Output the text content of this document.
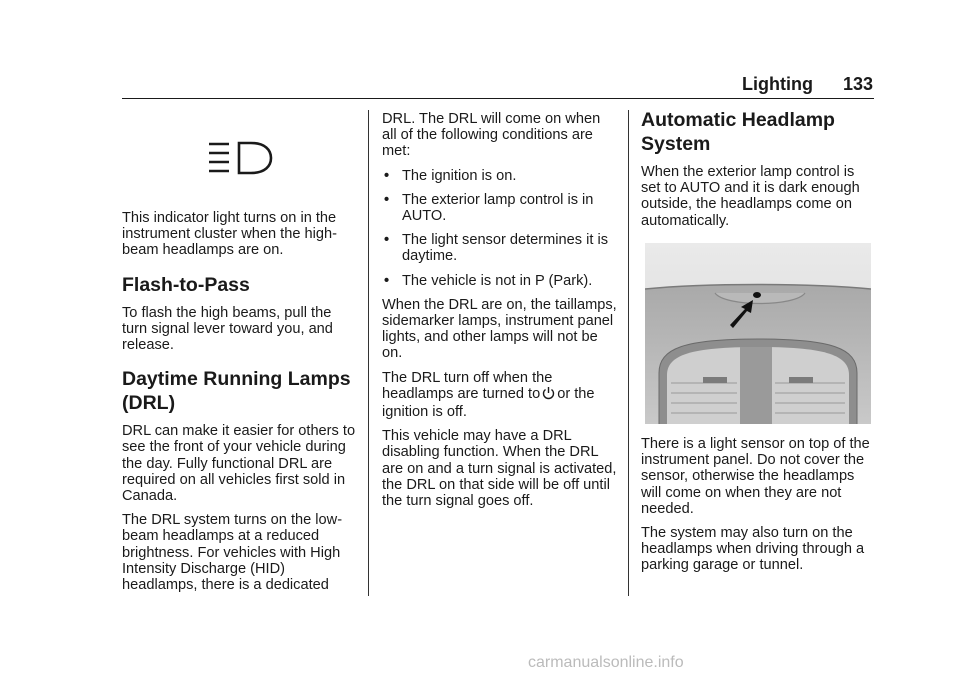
Lighting 133

This indicator light turns on in the instrument cluster when the high-beam headlamps are on.

Flash-to-Pass

To flash the high beams, pull the turn signal lever toward you, and release.

Daytime Running Lamps (DRL)

DRL can make it easier for others to see the front of your vehicle during the day. Fully functional DRL are required on all vehicles first sold in Canada.

The DRL system turns on the low-beam headlamps at a reduced brightness. For vehicles with High Intensity Discharge (HID) headlamps, there is a dedicated

DRL. The DRL will come on when all of the following conditions are met:

• The ignition is on.
• The exterior lamp control is in AUTO.
• The light sensor determines it is daytime.
• The vehicle is not in P (Park).

When the DRL are on, the taillamps, sidemarker lamps, instrument panel lights, and other lamps will not be on.

The DRL turn off when the headlamps are turned to or the ignition is off.

This vehicle may have a DRL disabling function. When the DRL are on and a turn signal is activated, the DRL on that side will be off until the turn signal goes off.

Automatic Headlamp System

When the exterior lamp control is set to AUTO and it is dark enough outside, the headlamps come on automatically.

There is a light sensor on top of the instrument panel. Do not cover the sensor, otherwise the headlamps will come on when they are not needed.

The system may also turn on the headlamps when driving through a parking garage or tunnel.

carmanualsonline.info
